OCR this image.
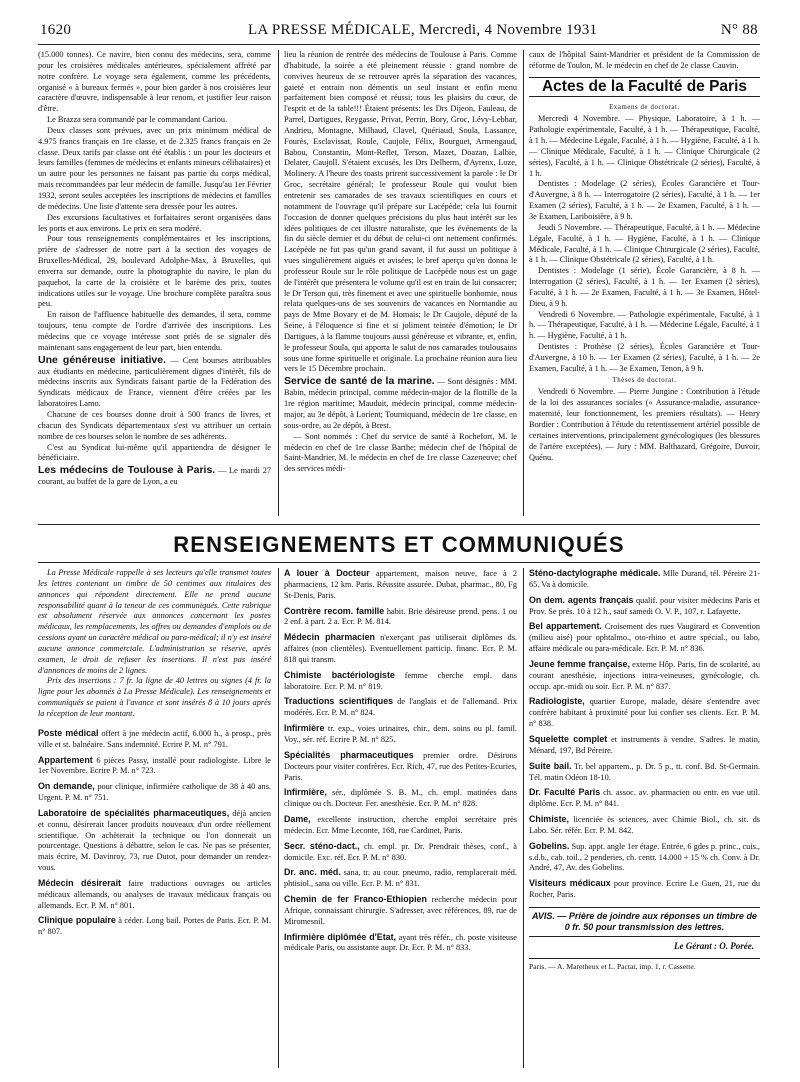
1620	LA PRESSE MÉDICALE, Mercredi, 4 Novembre 1931	N° 88

(15.000 tonnes). Ce navire, bien connu des médecins, sera, comme pour les croisières médicales antérieures, spécialement affrété par notre confrère. Le voyage sera également, comme les précédents, organisé « à bureaux fermés », pour bien garder à nos croisières leur caractère d'œuvre, indispensable à leur renom, et justifier leur raison d'être.

Le Brazza sera commandé par le commandant Cariou.

Deux classes sont prévues, avec un prix minimum médical de 4.975 francs français en 1re classe, et de 2.325 francs français en 2e classe. Deux tarifs par classe ont été établis : un pour les docteurs et leurs familles (femmes de médecins et enfants mineurs célibataires) et un autre pour les personnes ne faisant pas partie du corps médical, mais recommandées par leur médecin de famille. Jusqu'au 1er Février 1932, seront seules acceptées les inscriptions de médecins et familles de médecins. Une liste d'attente sera dressée pour les autres.

Des excursions facultatives et forfaitaires seront organisées dans les ports et aux environs. Le prix en sera modéré.

Pour tous renseignements complémentaires et les inscriptions, prière de s'adresser de notre part à la section des voyages de Bruxelles-Médical, 29, boulevard Adolphe-Max, à Bruxelles, qui enverra sur demande, outre la photographie du navire, le plan du paquebot, la carte de la croisière et le barème des prix, toutes indications utiles sur le voyage. Une brochure complète paraîtra sous peu.

En raison de l'affluence habituelle des demandes, il sera, comme toujours, tenu compte de l'ordre d'arrivée des inscriptions. Les médecins que ce voyage intéresse sont priés de se signaler dès maintenant sans engagement de leur part, bien entendu.

Une généreuse initiative. — Cent bourses attribuables aux étudiants en médecine, particulièrement dignes d'intérêt, fils de médecins inscrits aux Syndicats faisant partie de la Fédération des Syndicats médicaux de France, viennent d'être créées par les laboratoires Lamo.

Chacune de ces bourses donne droit à 500 francs de livres, et chacun des Syndicats départementaux s'est vu attribuer un certain nombre de ces bourses selon le nombre de ses adhérents.

C'est au Syndicat lui-même qu'il appartiendra de désigner le bénéficiaire.

Les médecins de Toulouse à Paris. — Le mardi 27 courant, au buffet de la gare de Lyon, a eu

lieu la réunion de rentrée des médecins de Toulouse à Paris. Comme d'habitude, la soirée a été pleinement réussie : grand nombre de convives heureux de se retrouver après la séparation des vacances, gaieté et entrain non démentis un seul instant et enfin menu parfaitement bien composé et réussi; tous les plaisirs du cœur, de l'esprit et de la table!!! Étaient présents: les Drs Dijeon, Fauleau, de Parrel, Dartigues, Reygasse, Privat, Perrin, Bory, Groc, Lévy-Lebhar, Andrieu, Montagne, Milhaud, Clavel, Quériaud, Soula, Lassance, Fourès, Esclavissat, Roule, Caujole, Félix, Bourguet, Armengaud, Babou, Constantin, Mont-Reflet, Terson, Mazet, Doazan, Lalbie, Delater, Caujoll. S'étaient excusés, les Drs Delherm, d'Ayrenx, Loze, Molinery. A l'heure des toasts prirent successivement la parole : le Dr Groc, secrétaire général; le professeur Roule qui voulut bien entretenir ses camarades de ses travaux scientifiques en cours et notamment de l'ouvrage qu'il prépare sur Lacépède; cela lui fournit l'occasion de donner quelques précisions du plus haut intérêt sur les idées politiques de cet illustre naturaliste, que les événements de la fin du siècle dernier et du début de celui-ci ont nettement confirmés. Lacépède ne fut pas qu'un grand savant, il fut aussi un politique à vues singulièrement aiguës et avisées; le bref aperçu qu'en donna le professeur Roule sur le rôle politique de Lacépède nous est un gage de l'intérêt que présentera le volume qu'il est en train de lui consacrer; le Dr Terson qui, très finement et avec une spirituelle bonhomie, nous relata quelques-uns de ses souvenirs de vacances en Normandie au pays de Mme Bovary et de M. Homais; le Dr Caujole, député de la Seine, à l'éloquence si fine et si joliment teintée d'émotion; le Dr Dartigues, à la flamme toujours aussi généreuse et vibrante, et, enfin, le professeur Soula, qui apporta le salut de nos camarades toulousains sous une forme spirituelle et originale. La prochaine réunion aura lieu vers le 15 Décembre prochain.

Service de santé de la marine. — Sont désignés : MM. Babin, médecin principal, comme médecin-major de la flottille de la 1re région maritime; Mauduit, médecin principal, comme médecin-major, au 3e dépôt, à Lorient; Tourniquand, médecin de 1re classe, en sous-ordre, au 2e dépôt, à Brest.

— Sont nommés : Chef du service de santé à Rochefort, M. le médecin en chef de 1re classe Barthe; médecin chef de l'hôpital de Saint-Mandrier, M. le médecin en chef de 1re classe Cazeneuve; chef des services médi-

caux de l'hôpital Saint-Mandrier et président de la Commission de réforme de Toulon, M. le médecin en chef de 2e classe Cauvin.

Actes de la Faculté de Paris

Examens de doctorat.

Mercredi 4 Novembre. — Physique, Laboratoire, à 1 h. — Pathologie expérimentale, Faculté, à 1 h. — Thérapeutique, Faculté, à 1 h. — Médecine Légale, Faculté, à 1 h. — Hygiène, Faculté, à 1 h. — Clinique Médicale, Faculté, à 1 h. — Clinique Chirurgicale (2 séries), Faculté, à 1 h. — Clinique Obstétricale (2 séries), Faculté, à 1 h.

Dentistes : Modelage (2 séries), Écoles Garancière et Tour-d'Auvergne, à 8 h. — Interrogatoire (2 séries), Faculté, à 1 h. — 1er Examen (2 séries), Faculté, à 1 h. — 2e Examen, Faculté, à 1 h. — 3e Examen, Lariboisière, à 9 h.

Jeudi 5 Novembre. — Thérapeutique, Faculté, à 1 h. — Médecine Légale, Faculté, à 1 h. — Hygiène, Faculté, à 1 h. — Clinique Médicale, Faculté, à 1 h. — Clinique Chirurgicale (2 séries), Faculté, à 1 h. — Clinique Obstétricale (2 séries), Faculté, à 1 h.

Dentistes : Modelage (1 série), École Garancière, à 8 h. — Interrogation (2 séries), Faculté, à 1 h. — 1er Examen (2 séries), Faculté, à 1 h. — 2e Examen, Faculté, à 1 h. — 3e Examen, Hôtel-Dieu, à 9 h.

Vendredi 6 Novembre. — Pathologie expérimentale, Faculté, à 1 h. — Thérapeutique, Faculté, à 1 h. — Médecine Légale, Faculté, à 1 h. — Hygiène, Faculté, à 1 h.

Dentistes : Prothèse (2 séries), Écoles Garancière et Tour-d'Auvergne, à 10 h. — 1er Examen (2 séries), Faculté, à 1 h. — 2e Examen, Faculté, à 1 h. — 3e Examen, Tenon, à 9 h.

Thèses de doctorat.

Vendredi 6 Novembre. — Pierre Jungine : Contribution à l'étude de la loi des assurances sociales (« Assurance-maladie, assurance-maternité, leur fonctionnement, les premiers résultats). — Henry Bordier : Contribution à l'étude du retentissement artériel possible de certaines interventions, principalement gynécologiques (les blessures de l'artère exceptées). — Jury : MM. Balthazard, Grégoire, Duvoir, Quénu.

RENSEIGNEMENTS ET COMMUNIQUÉS

La Presse Médicale rappelle à ses lecteurs qu'elle transmet toutes les lettres contenant un timbre de 50 centimes aux titulaires des annonces qui répondent directement. Elle ne prend aucune responsabilité quant à la teneur de ces communiqués. Cette rubrique est absolument réservée aux annonces concernant les postes médicaux, les remplacements, les offres ou demandes d'emplois ou de cessions ayant un caractère médical ou para-médical; il n'y est inséré aucune annonce commerciale. L'administration se réserve, après examen, le droit de refuser les insertions. Il n'est pas inséré d'annonces de moins de 2 lignes.

Prix des insertions : 7 fr. la ligne de 40 lettres ou signes (4 fr. la ligne pour les abonnés à La Presse Médicale). Les renseignements et communiqués se paient à l'avance et sont insérés 8 à 10 jours après la réception de leur montant.

Poste médical offert à jne médecin actif, 6.000 h., à prosp., près ville et st. balnéaire. Sans indemnité. Ecrire P. M. n° 791.

Appartement 6 pièces Passy, installé pour radiologiste. Libre le 1er Novembre. Ecrire P. M. n° 723.

On demande, pour clinique, infirmière catholique de 38 à 40 ans. Urgent. P. M. n° 751.

Laboratoire de spécialités pharmaceutiques, déjà ancien et connu, désirerait lancer produits nouveaux d'un ordre réellement scientifique. On achèterait la technique ou l'on donnerait un pourcentage. Questions à débattre, selon le cas. Ne pas se présenter, mais écrire, M. Davinroy, 73, rue Dutot, pour demander un rendez-vous.

Médecin désirerait faire traductions ouvrages ou articles médicaux allemands, ou analyses de travaux médicaux français ou allemands. Ecr. P. M. n° 801.

Clinique populaire à céder. Long bail. Portes de Paris. Ecr. P. M. n° 807.

A louer à Docteur appartement, maison neuve, face à 2 pharmaciens, 12 km. Paris. Réussite assurée. Dubat, pharmac., 80, Fg St-Denis, Paris.

Contrère recom. famille habit. Brie désireuse prend. pens. 1 ou 2 enf. à part. 2 a. Ecr. P. M. 814.

Médecin pharmacien n'exerçant pas utiliserait diplômes ds. affaires (non clientèles). Eventuellement particip. financ. Ecr. P. M. 818 qui transm.

Chimiste bactériologiste femme cherche empl. dans laboratoire. Ecr. P. M. n° 819.

Traductions scientifiques de l'anglais et de l'allemand. Prix modérés. Ecr. P. M. n° 824.

Infirmière tr. exp., voies urinaires, chir., dem. soins ou pl. famil. Voy., sér. réf. Ecrire P. M. n° 825.

Spécialités pharmaceutiques premier ordre. Désirons Docteurs pour visiter confrères. Ecr. Rich, 47, rue des Petites-Ecuries, Paris.

Infirmière, sér., diplômée S. B. M., ch. empl. matinées dans clinique ou ch. Docteur. Fer. anesthésie. Ecr. P. M. n° 828.

Dame, excellente instruction, cherche emploi secrétaire près médecin. Ecr. Mme Leconte, 168, rue Cardinet, Paris.

Secr. sténo-dact., ch. empl. pr. Dr. Prendrait thèses, conf., à domicile. Exc. réf. Ecr. P. M. n° 830.

Dr. anc. méd. sana, tr. au cour. pneumo, radio, remplacerait méd. phtisiol., sana ou ville. Ecr. P. M. n° 831.

Chemin de fer Franco-Ethiopien recherche médecin pour Afrique, connaissant chirurgie. S'adresser, avec références, 89, rue de Miromesnil.

Infirmière diplômée d'Etat, ayant très référ., ch. poste visiteuse médicale Paris, ou assistante aupr. Dr. Ecr. P. M. n° 833.

Sténo-dactylographe médicale. Mlle Durand, tél. Péreire 21-65. Va à domicile.

On dem. agents français qualif. pour visiter médecins Paris et Prov. Se prés. 10 à 12 h., sauf samedi O. V. P., 107, r. Lafayette.

Bel appartement. Croisement des rues Vaugirard et Convention (milieu aisé) pour ophtalmo., oto-rhino et autre spécial., ou labo, affaire médicale ou para-médicale. Ecr. P. M. n° 836.

Jeune femme française, externe Hôp. Paris, fin de scolarité, au courant anesthésie, injections intra-veineuses, gynécologie, ch. occup. apr.-midi ou soir. Ecr. P. M. n° 837.

Radiologiste, quartier Europe, malade, désire s'entendre avec confrère habitant à proximité pour lui confier ses clients. Ecr. P. M. n° 838.

Squelette complet et instruments à vendre. S'adres. le matin, Ménard, 197, Bd Péreire.

Suite bail. Tr. bel appartem., p. Dr. 5 p., tt. conf. Bd. St-Germain. Tél. matin Odéon 18-10.

Dr. Faculté Paris ch. assoc. av. pharmacien ou entr. en vue util. diplôme. Ecr. P. M. n° 841.

Chimiste, licenciée ès sciences, avec Chimie Biol., ch. sit. ds Labo. Sér. référ. Ecr. P. M. 842.

Gobelins. Sup. appt. angle 1er étage. Entrée, 6 gdes p. princ., cuis., s.d.b., cab. toil., 2 penderies, ch. centr. 14.000 + 15 % ch. Conv. à Dr. André, 47, Av. des Gobelins.

Visiteurs médicaux pour province. Ecrire Le Guen, 21, rue du Rocher, Paris.

AVIS. — Prière de joindre aux réponses un timbre de 0 fr. 50 pour transmission des lettres.
Le Gérant : O. Porée.
Paris. — A. Maretheux et L. Pactat, imp. 1, r. Cassette.
